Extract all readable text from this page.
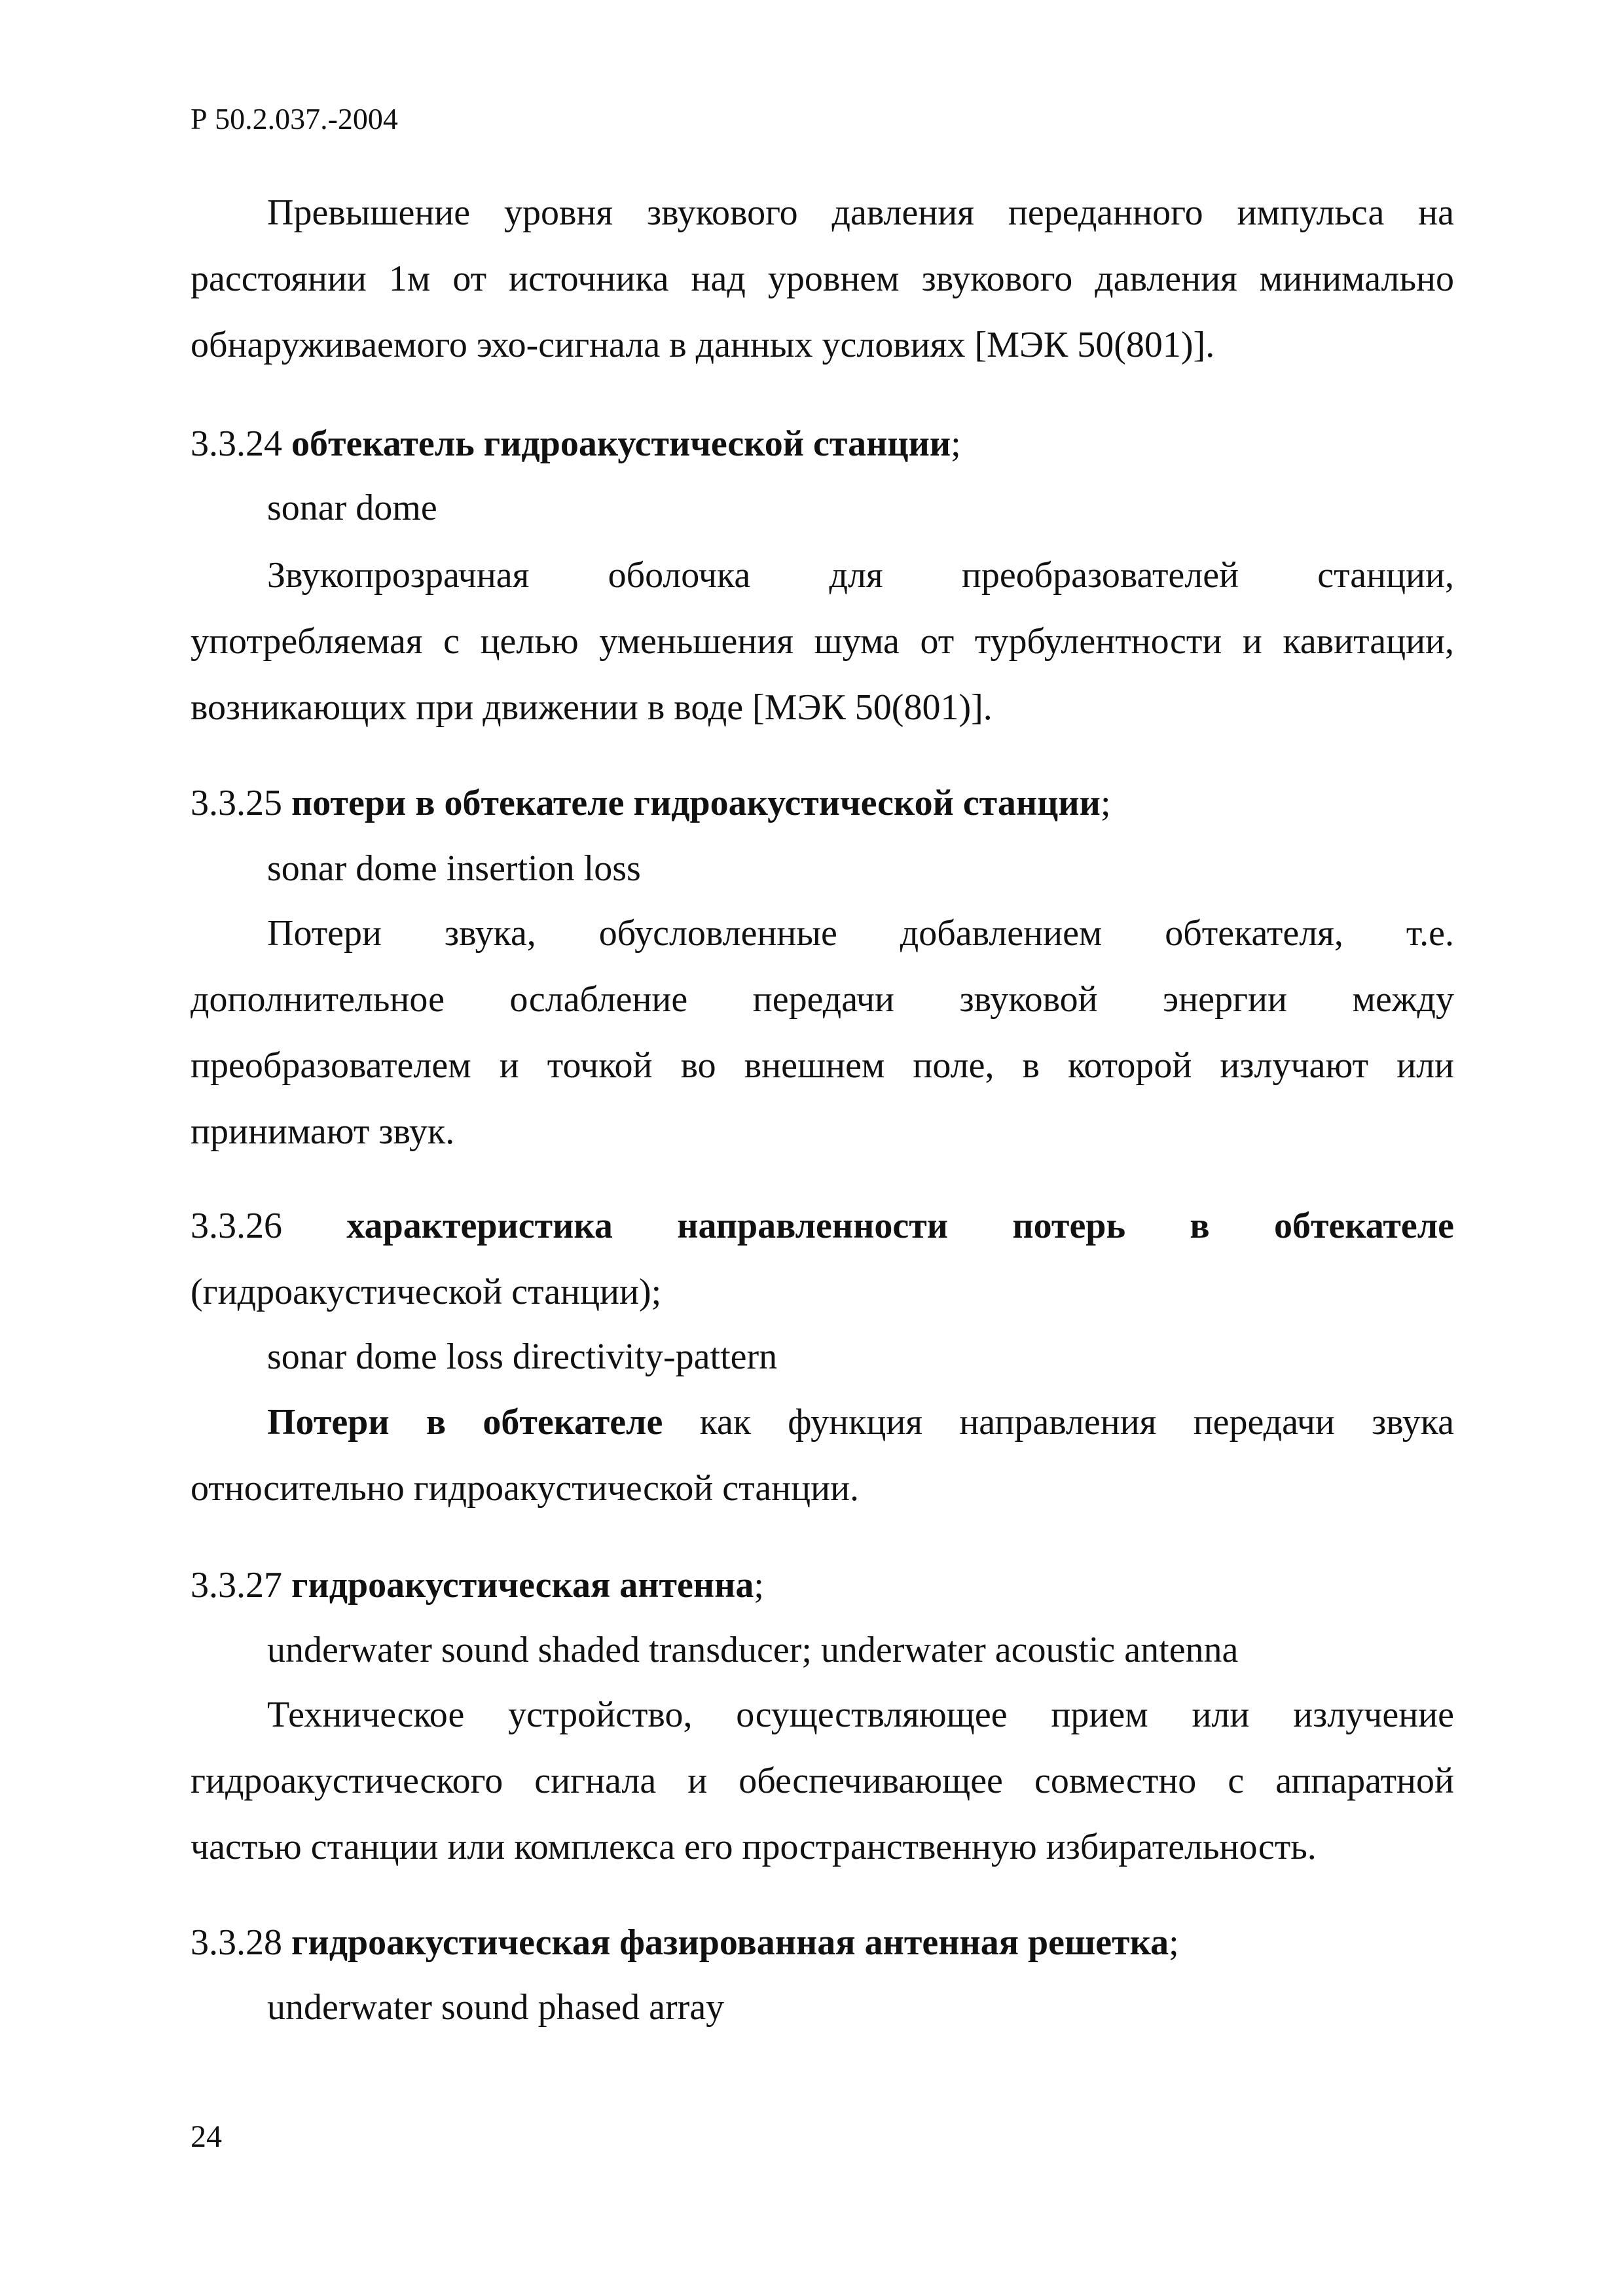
Р 50.2.037.-2004
Превышение уровня звукового давления переданного импульса на
расстоянии 1м от источника над уровнем звукового давления минимально
обнаруживаемого эхо-сигнала в данных условиях [МЭК 50(801)].
3.3.24 обтекатель гидроакустической станции;
sonar dome
Звукопрозрачная оболочка для преобразователей станции,
употребляемая с целью уменьшения шума от турбулентности и кавитации,
возникающих при движении в воде [МЭК 50(801)].
3.3.25 потери в обтекателе гидроакустической станции;
sonar dome insertion loss
Потери звука, обусловленные добавлением обтекателя, т.е.
дополнительное ослабление передачи звуковой энергии между
преобразователем и точкой во внешнем поле, в которой излучают или
принимают звук.
3.3.26 характеристика направленности потерь в обтекателе
(гидроакустической станции);
sonar dome loss directivity-pattern
Потери в обтекателе как функция направления передачи звука
относительно гидроакустической станции.
3.3.27 гидроакустическая антенна;
underwater sound shaded transducer; underwater acoustic antenna
Техническое устройство, осуществляющее прием или излучение
гидроакустического сигнала и обеспечивающее совместно с аппаратной
частью станции или комплекса его пространственную избирательность.
3.3.28 гидроакустическая фазированная антенная решетка;
underwater sound phased array
24
